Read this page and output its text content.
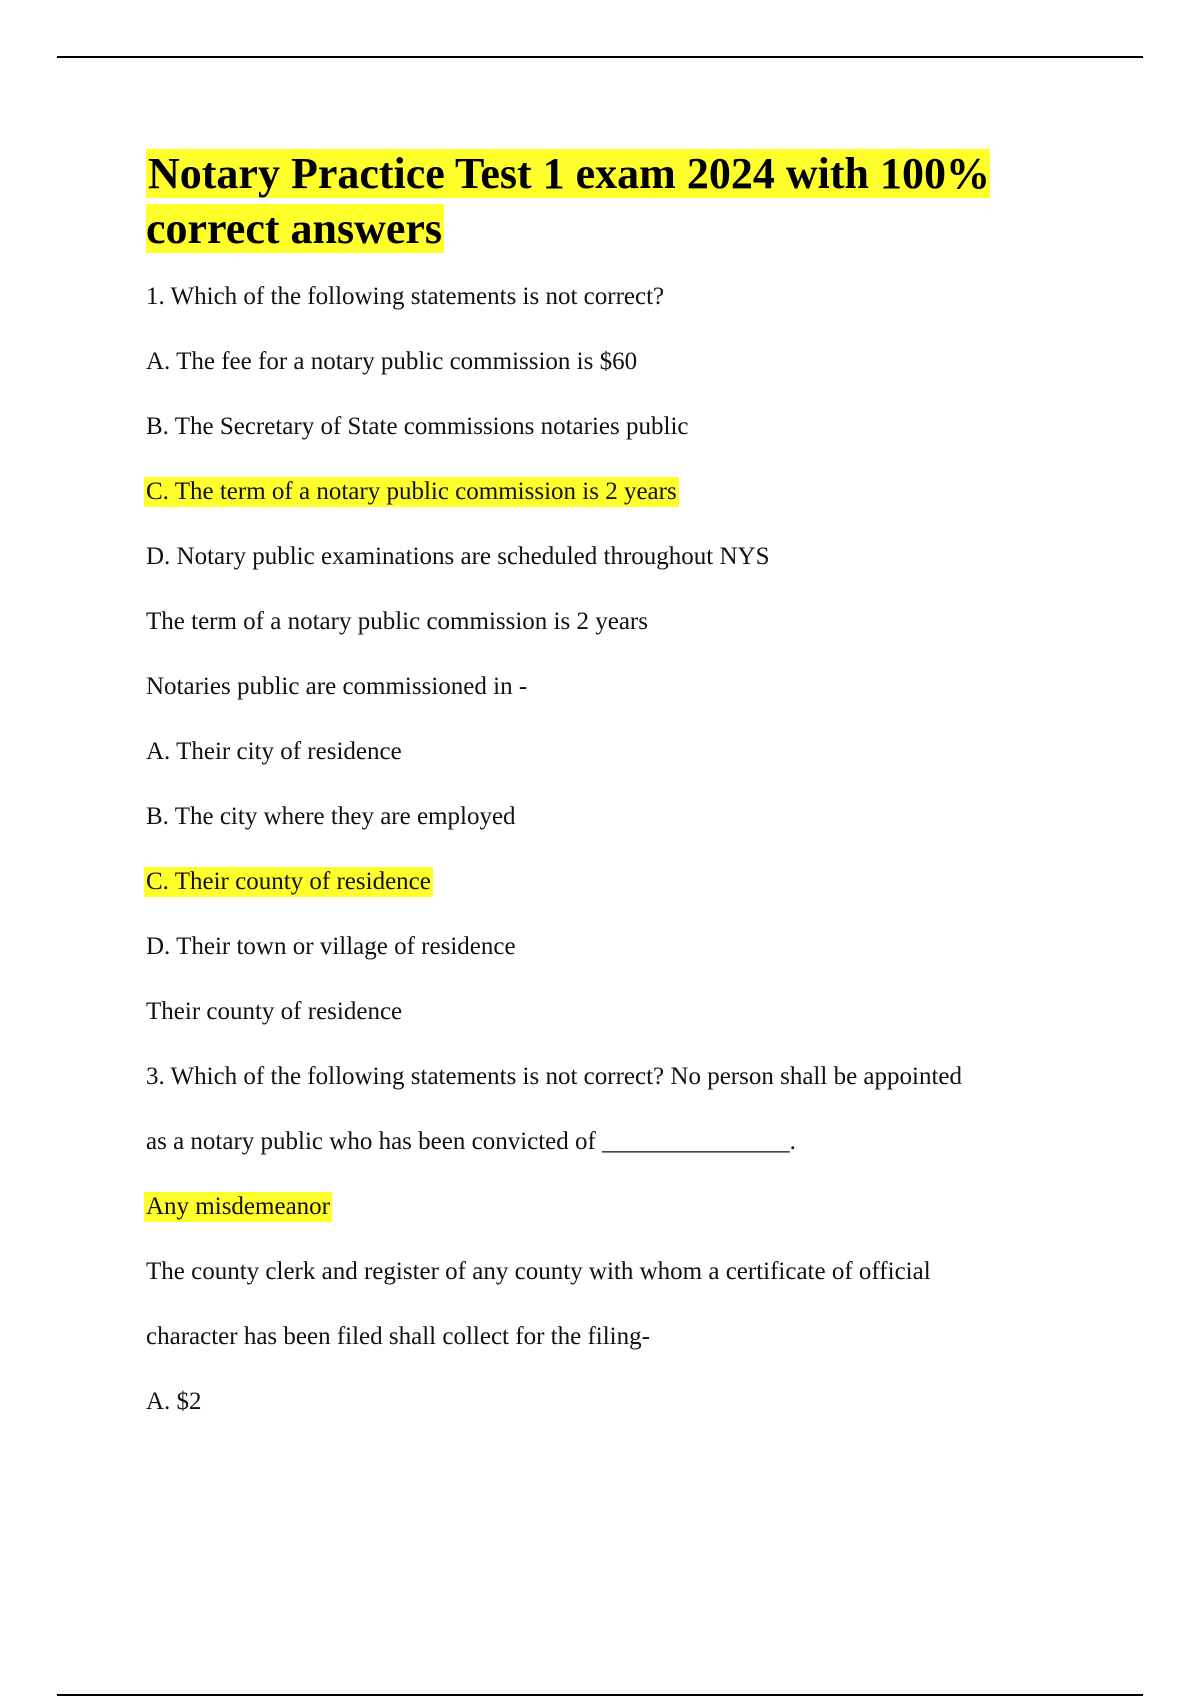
Notary Practice Test 1 exam 2024 with 100% correct answers
1. Which of the following statements is not correct?
A. The fee for a notary public commission is $60
B. The Secretary of State commissions notaries public
C. The term of a notary public commission is 2 years
D. Notary public examinations are scheduled throughout NYS
The term of a notary public commission is 2 years
Notaries public are commissioned in -
A. Their city of residence
B. The city where they are employed
C. Their county of residence
D. Their town or village of residence
Their county of residence
3. Which of the following statements is not correct? No person shall be appointed
as a notary public who has been convicted of _______________.
Any misdemeanor
The county clerk and register of any county with whom a certificate of official
character has been filed shall collect for the filing-
A. $2
